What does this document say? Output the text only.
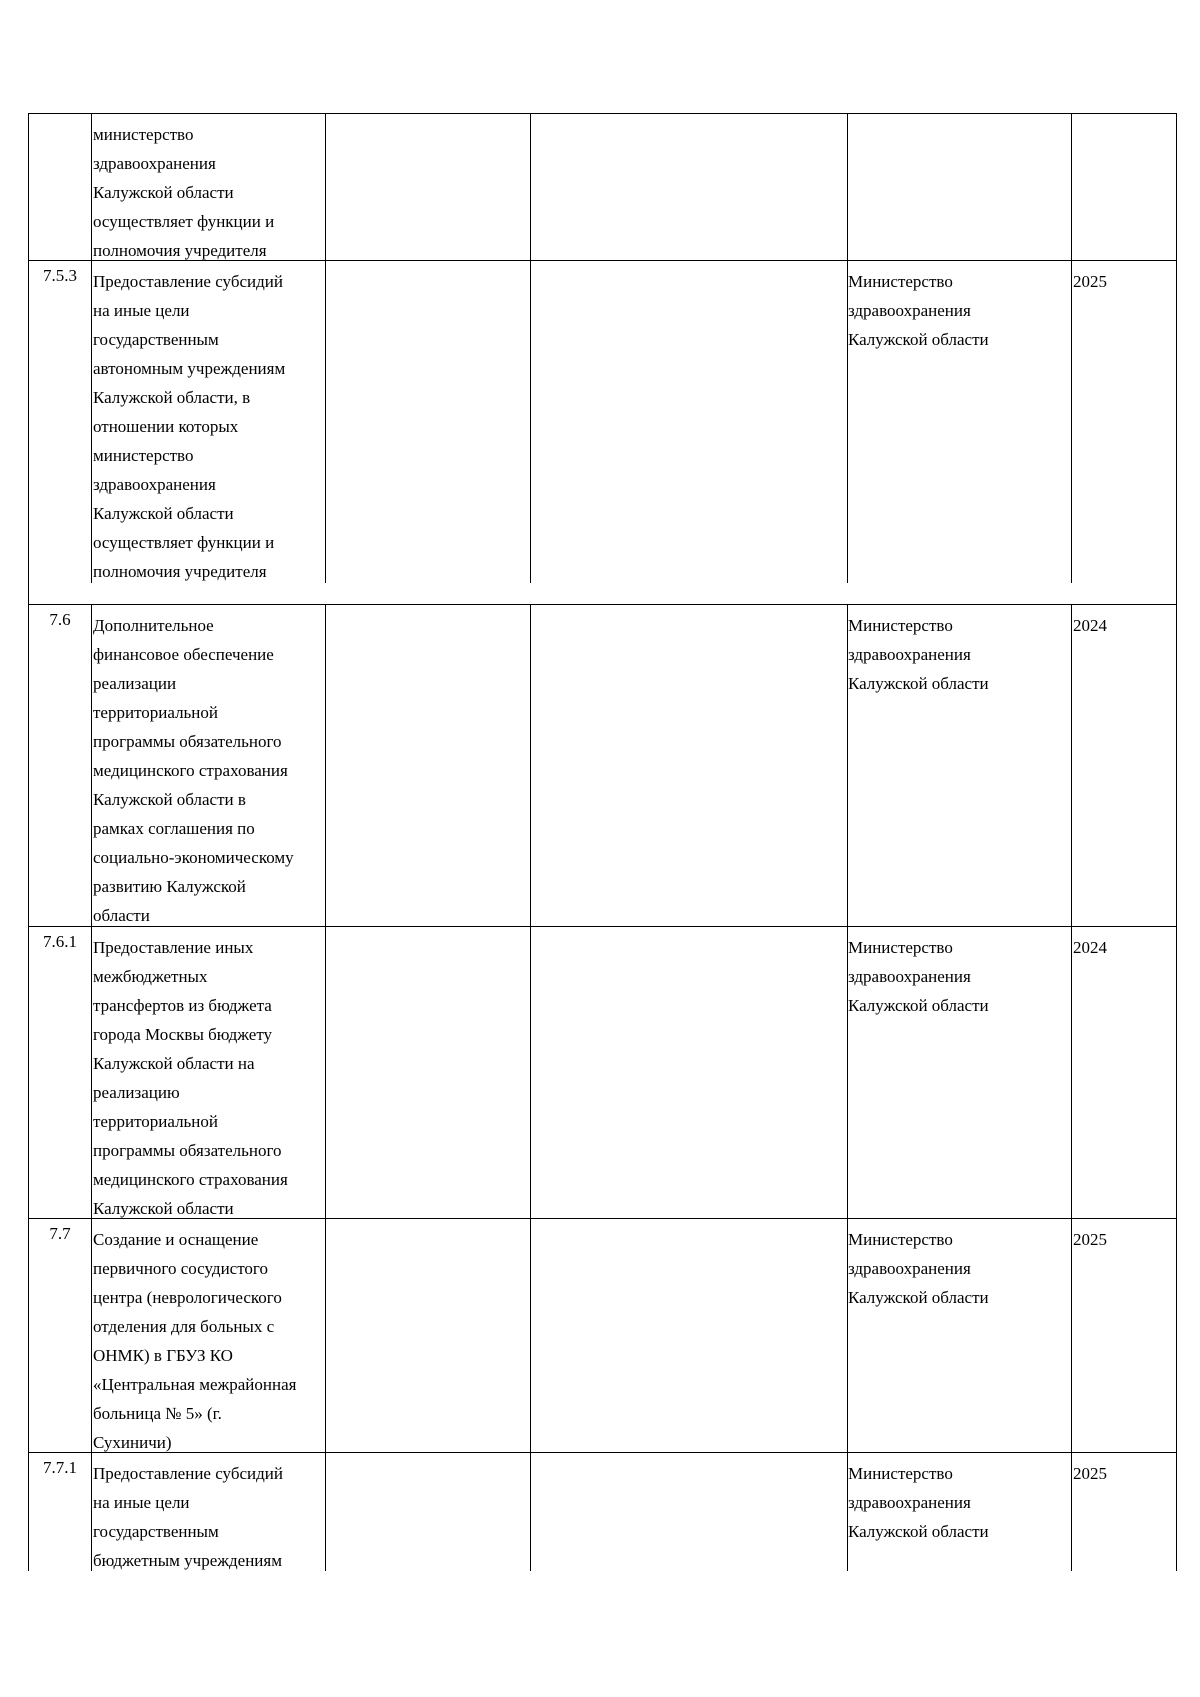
министерство
здравоохранения
Калужской области
осуществляет функции и
полномочия учредителя
7.5.3 Предоставление субсидий
на иные цели
государственным
автономным учреждениям
Калужской области, в
отношении которых
министерство
здравоохранения
Калужской области
осуществляет функции и
полномочия учредителя
Министерство
здравоохранения
Калужской области
2025
7.6	Дополнительное
финансовое обеспечение
реализации
территориальной
программы обязательного
медицинского страхования
Калужской области в
рамках соглашения по
социально-экономическому
развитию Калужской
области
Министерство
здравоохранения
Калужской области
2024
7.6.1 Предоставление иных
межбюджетных
трансфертов из бюджета
города Москвы бюджету
Калужской области на
реализацию
территориальной
программы обязательного
медицинского страхования
Калужской области
Министерство
здравоохранения
Калужской области
2024
7.7	Создание и оснащение
первичного сосудистого
центра (неврологического
отделения для больных с
ОНМК) в ГБУЗ КО
«Центральная межрайонная
больница № 5» (г.
Сухиничи)
Министерство
здравоохранения
Калужской области
2025
7.7.1 Предоставление субсидий
на иные цели
государственным
бюджетным учреждениям
Министерство
здравоохранения
Калужской области
2025
